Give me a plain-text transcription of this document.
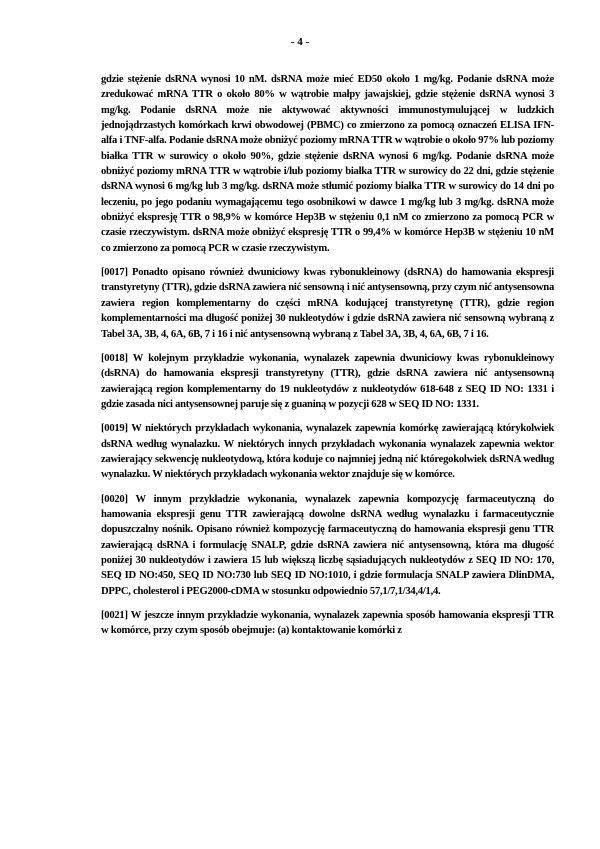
- 4 -

gdzie stężenie dsRNA wynosi 10 nM. dsRNA może mieć ED50 około 1 mg/kg. Podanie dsRNA może zredukować mRNA TTR o około 80% w wątrobie małpy jawajskiej, gdzie stężenie dsRNA wynosi 3 mg/kg. Podanie dsRNA może nie aktywować aktywności immunostymulującej w ludzkich jednojądrzastych komórkach krwi obwodowej (PBMC) co zmierzono za pomocą oznaczeń ELISA IFN-alfa i TNF-alfa. Podanie dsRNA może obniżyć poziomy mRNA TTR w wątrobie o około 97% lub poziomy białka TTR w surowicy o około 90%, gdzie stężenie dsRNA wynosi 6 mg/kg. Podanie dsRNA może obniżyć poziomy mRNA TTR w wątrobie i/lub poziomy białka TTR w surowicy do 22 dni, gdzie stężenie dsRNA wynosi 6 mg/kg lub 3 mg/kg. dsRNA może stłumić poziomy białka TTR w surowicy do 14 dni po leczeniu, po jego podaniu wymagającemu tego osobnikowi w dawce 1 mg/kg lub 3 mg/kg. dsRNA może obniżyć ekspresję TTR o 98,9% w komórce Hep3B w stężeniu 0,1 nM co zmierzono za pomocą PCR w czasie rzeczywistym. dsRNA może obniżyć ekspresję TTR o 99,4% w komórce Hep3B w stężeniu 10 nM co zmierzono za pomocą PCR w czasie rzeczywistym.

[0017] Ponadto opisano również dwuniciowy kwas rybonukleinowy (dsRNA) do hamowania ekspresji transtyretyny (TTR), gdzie dsRNA zawiera nić sensowną i nić antysensowną, przy czym nić antysensowna zawiera region komplementarny do części mRNA kodującej transtyretynę (TTR), gdzie region komplementarności ma długość poniżej 30 nukleotydów i gdzie dsRNA zawiera nić sensowną wybraną z Tabel 3A, 3B, 4, 6A, 6B, 7 i 16 i nić antysensowną wybraną z Tabel 3A, 3B, 4, 6A, 6B, 7 i 16.

[0018] W kolejnym przykładzie wykonania, wynalazek zapewnia dwuniciowy kwas rybonukleinowy (dsRNA) do hamowania ekspresji transtyretyny (TTR), gdzie dsRNA zawiera nić antysensowną zawierającą region komplementarny do 19 nukleotydów z nukleotydów 618-648 z SEQ ID NO: 1331 i gdzie zasada nici antysensownej paruje się z guaniną w pozycji 628 w SEQ ID NO: 1331.

[0019] W niektórych przykładach wykonania, wynalazek zapewnia komórkę zawierającą którykolwiek dsRNA według wynalazku. W niektórych innych przykładach wykonania wynalazek zapewnia wektor zawierający sekwencję nukleotydową, która koduje co najmniej jedną nić któregokolwiek dsRNA według wynalazku. W niektórych przykładach wykonania wektor znajduje się w komórce.

[0020] W innym przykładzie wykonania, wynalazek zapewnia kompozycję farmaceutyczną do hamowania ekspresji genu TTR zawierającą dowolne dsRNA według wynalazku i farmaceutycznie dopuszczalny nośnik. Opisano również kompozycję farmaceutyczną do hamowania ekspresji genu TTR zawierającą dsRNA i formulację SNALP, gdzie dsRNA zawiera nić antysensowną, która ma długość poniżej 30 nukleotydów i zawiera 15 lub większą liczbę sąsiadujących nukleotydów z SEQ ID NO: 170, SEQ ID NO:450, SEQ ID NO:730 lub SEQ ID NO:1010, i gdzie formulacja SNALP zawiera DlinDMA, DPPC, cholesterol i PEG2000-cDMA w stosunku odpowiednio 57,1/7,1/34,4/1,4.

[0021] W jeszcze innym przykładzie wykonania, wynalazek zapewnia sposób hamowania ekspresji TTR w komórce, przy czym sposób obejmuje: (a) kontaktowanie komórki z
